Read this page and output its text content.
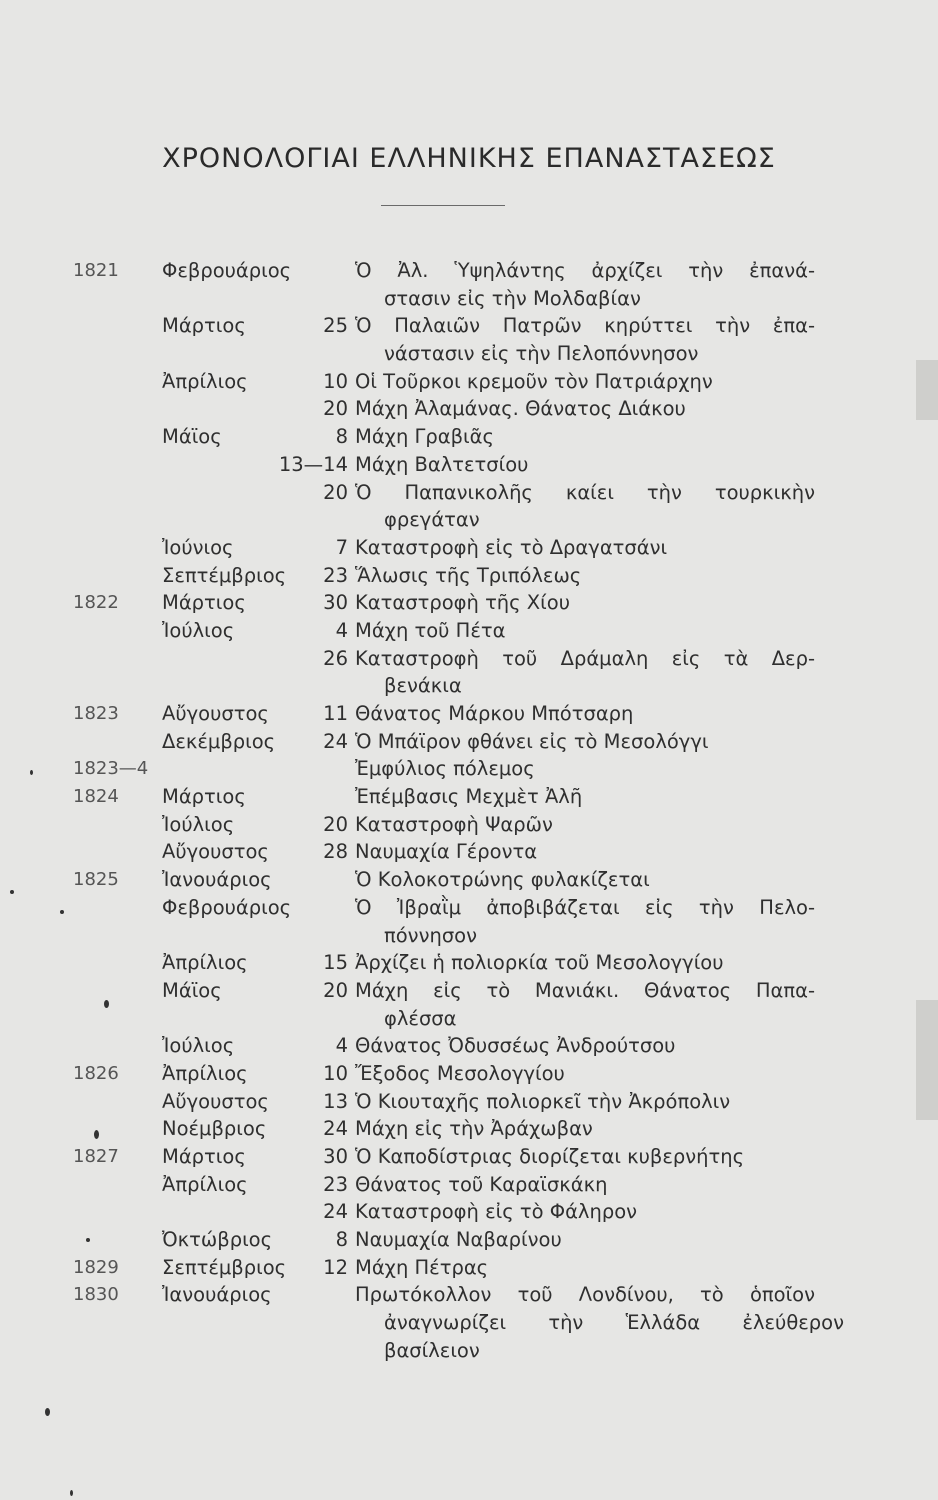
ΧΡΟΝΟΛΟΓΙΑΙ ΕΛΛΗΝΙΚΗΣ ΕΠΑΝΑΣΤΑΣΕΩΣ
1821	Φεβρουάριος	Ὁ Ἀλ. Ὑψηλάντης ἀρχίζει τὴν ἐπανά-
στασιν εἰς τὴν Μολδαβίαν
Μάρτιος	25 Ὁ Παλαιῶν Πατρῶν κηρύττει τὴν ἐπα-
νάστασιν εἰς τὴν Πελοπόννησον
Ἀπρίλιος	10 Οἱ Τοῦρκοι κρεμοῦν τὸν Πατριάρχην
20 Μάχη Ἀλαμάνας. Θάνατος Διάκου
Μάϊος	8 Μάχη Γραβιᾶς
13—14 Μάχη Βαλτετσίου
20 Ὁ Παπανικολῆς καίει τὴν τουρκικὴν
φρεγάταν
Ἰούνιος	7 Καταστροφὴ εἰς τὸ Δραγατσάνι
Σεπτέμβριος	23 Ἅλωσις τῆς Τριπόλεως
1822	Μάρτιος	30 Καταστροφὴ τῆς Χίου
Ἰούλιος	4 Μάχη τοῦ Πέτα
26 Καταστροφὴ τοῦ Δράμαλη εἰς τὰ Δερ-
βενάκια
1823	Αὔγουστος	11 Θάνατος Μάρκου Μπότσαρη
Δεκέμβριος	24 Ὁ Μπάϊρον φθάνει εἰς τὸ Μεσολόγγι
1823—4	Ἐμφύλιος πόλεμος
1824	Μάρτιος	Ἐπέμβασις Μεχμὲτ Ἀλῆ
Ἰούλιος	20 Καταστροφὴ Ψαρῶν
Αὔγουστος	28 Ναυμαχία Γέροντα
1825	Ἰανουάριος	Ὁ Κολοκοτρώνης φυλακίζεται
Φεβρουάριος	Ὁ Ἰβραῒμ ἀποβιβάζεται εἰς τὴν Πελο-
πόννησον
Ἀπρίλιος	15 Ἀρχίζει ἡ πολιορκία τοῦ Μεσολογγίου
Μάϊος	20 Μάχη εἰς τὸ Μανιάκι. Θάνατος Παπα-
φλέσσα
Ἰούλιος	4 Θάνατος Ὀδυσσέως Ἀνδρούτσου
1826	Ἀπρίλιος	10 Ἔξοδος Μεσολογγίου
Αὔγουστος	13 Ὁ Κιουταχῆς πολιορκεῖ τὴν Ἀκρόπολιν
Νοέμβριος	24 Μάχη εἰς τὴν Ἀράχωβαν
1827	Μάρτιος	30 Ὁ Καποδίστριας διορίζεται κυβερνήτης
Ἀπρίλιος	23 Θάνατος τοῦ Καραϊσκάκη
24 Καταστροφὴ εἰς τὸ Φάληρον
Ὀκτώβριος	8 Ναυμαχία Ναβαρίνου
1829	Σεπτέμβριος	12 Μάχη Πέτρας
1830	Ἰανουάριος	Πρωτόκολλον τοῦ Λονδίνου, τὸ ὁποῖον
ἀναγνωρίζει τὴν Ἑλλάδα ἐλεύθερον
βασίλειον
